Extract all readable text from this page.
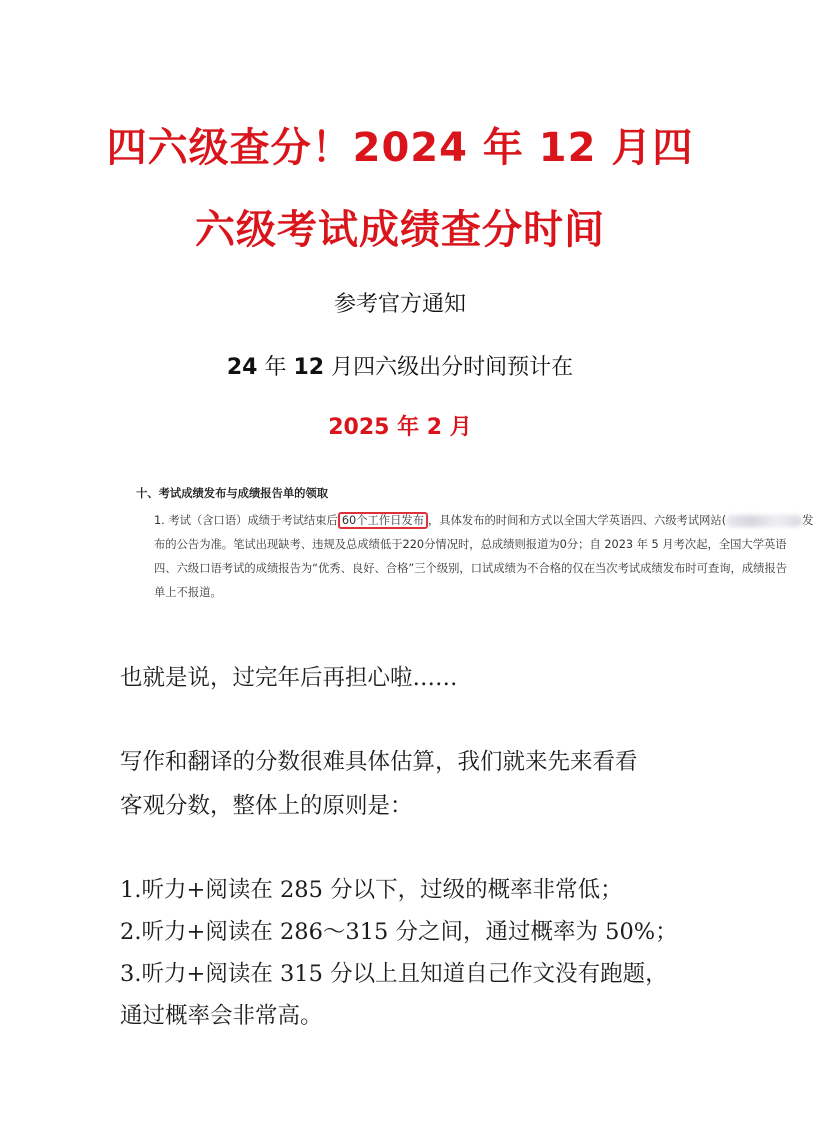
四六级查分！2024 年 12 月四
六级考试成绩查分时间
参考官方通知
24 年 12 月四六级出分时间预计在
2025 年 2 月
十、考试成绩发布与成绩报告单的领取
1. 考试（含口语）成绩于考试结束后 60个工作日发布 ，具体发布的时间和方式以全国大学英语四、六级考试网站(	发
布的公告为准。笔试出现缺考、违规及总成绩低于220分情况时，总成绩则报道为0分；自 2023 年 5 月考次起，全国大学英语
四、六级口语考试的成绩报告为“优秀、良好、合格”三个级别，口试成绩为不合格的仅在当次考试成绩发布时可查询，成绩报告
单上不报道。
也就是说，过完年后再担心啦……
写作和翻译的分数很难具体估算，我们就来先来看看
客观分数，整体上的原则是：
1.听力+阅读在 285 分以下，过级的概率非常低；
2.听力+阅读在 286～315 分之间，通过概率为 50%；
3.听力+阅读在 315 分以上且知道自己作文没有跑题，
通过概率会非常高。
